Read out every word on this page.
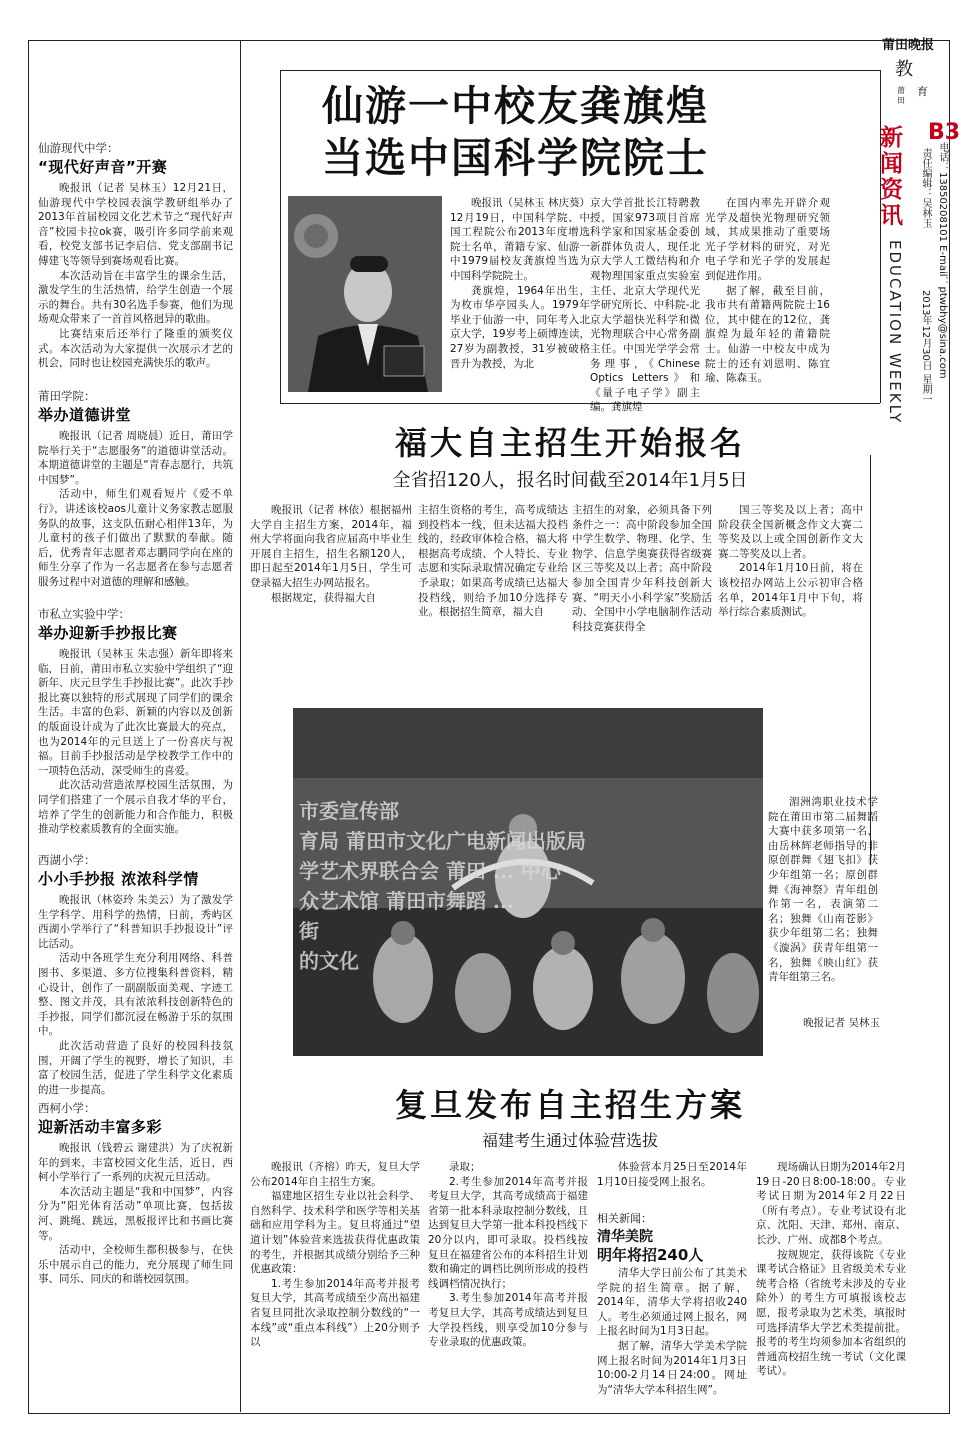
莆田晚报
教
育
莆
田
B3
新闻资讯
EDUCATION WEEKLY	电话：13850208101 E-mail：ptwbhy@sina.com
责任编辑：吴林玉
2013年12月30日 星期一
仙游现代中学：
“现代好声音”开赛
晚报讯（记者 吴林玉）12月21日，仙游现代中学校园表演学教研组举办了2013年首届校园文化艺术节之“现代好声音”校园卡拉ok赛，吸引许多同学前来观看，校党支部书记李启信、党支部副书记傅建飞等领导到赛场观看比赛。
本次活动旨在丰富学生的课余生活，激发学生的生活热情，给学生创造一个展示的舞台。共有30名选手参赛，他们为现场观众带来了一首首风格迥异的歌曲。
比赛结束后还举行了隆重的颁奖仪式。本次活动为大家提供一次展示才艺的机会，同时也让校园充满快乐的歌声。
莆田学院：
举办道德讲堂
晚报讯（记者 周晓晨）近日，莆田学院举行关于“志愿服务”的道德讲堂活动。本期道德讲堂的主题是“青春志愿行，共筑中国梦”。
活动中，师生们观看短片《爱不单行》，讲述该校aos儿童计义务家教志愿服务队的故事，这支队伍耐心相伴13年，为儿童村的孩子们做出了默默的奉献。随后，优秀青年志愿者邓志鹏同学向在座的师生分享了作为一名志愿者在参与志愿者服务过程中对道德的理解和感触。
市私立实验中学：
举办迎新手抄报比赛
晚报讯（吴林玉 朱志强）新年即将来临，日前，莆田市私立实验中学组织了“迎新年、庆元旦学生手抄报比赛”。此次手抄报比赛以独特的形式展现了同学们的课余生活。丰富的色彩、新颖的内容以及创新的版面设计成为了此次比赛最大的亮点，也为2014年的元旦送上了一份喜庆与祝福。目前手抄报活动是学校教学工作中的一项特色活动，深受师生的喜爱。
此次活动营造浓厚校园生活氛围，为同学们搭建了一个展示自我才华的平台，培养了学生的创新能力和合作能力，积极推动学校素质教育的全面实施。
西湖小学：
小小手抄报 浓浓科学情
晚报讯（林姿玲 朱美云）为了激发学生学科学、用科学的热情，日前，秀屿区西湖小学举行了“科普知识手抄报设计”评比活动。
活动中各班学生充分利用网络、科普图书、多渠道、多方位搜集科普资料，精心设计，创作了一副副版面美观、字迹工整、图文并茂，具有浓浓科技创新特色的手抄报，同学们都沉浸在畅游于乐的氛围中。
此次活动营造了良好的校园科技氛围，开阔了学生的视野，增长了知识，丰富了校园生活，促进了学生科学文化素质的进一步提高。
西柯小学：
迎新活动丰富多彩
晚报讯（钱碧云 谢建洪）为了庆祝新年的到来，丰富校园文化生活，近日，西柯小学举行了一系列的庆祝元旦活动。
本次活动主题是“我和中国梦”，内容分为“阳光体育活动”单项比赛，包括拔河、跳绳、跳远，黑板报评比和书画比赛等。
活动中，全校师生都积极参与，在快乐中展示自己的能力，充分展现了师生同事、同乐、同庆的和谐校园氛围。
仙游一中校友龚旗煌
当选中国科学院院士
晚报讯（吴林玉 林庆葵）12月19日，中国科学院、中国工程院公布2013年度增选院士名单，莆籍专家、仙游一中1979届校友龚旗煌当选为中国科学院院士。
龚旗煌，1964年出生，为枚市华亭园头人。1979年毕业于仙游一中，同年考入北京大学，19岁考上硕博连读，27岁为副教授，31岁被破格晋升为教授，为北
京大学首批长江特聘教授，国家973项目首席科学家和国家基金委创新群体负责人，现任北京大学人工微结构和介观物理国家重点实验室主任、北京大学现代光学研究所长、中科院-北京大学超快光科学和微光物理联合中心常务副主任。中国光学学会常务理事，《Chinese Optics Letters》和《量子电子学》副主编。龚旗煌
在国内率先开辟介观光学及超快光物理研究领域，其成果推动了重要场光子学材料的研究，对光电子学和光子学的发展起到促进作用。
据了解，截至目前，我市共有莆籍两院院士16位，其中健在的12位，龚旗煌为最年轻的莆籍院士。仙游一中校友中成为院士的还有刘恩明、陈宜瑜、陈森玉。
福大自主招生开始报名
全省招120人，报名时间截至2014年1月5日
晚报讯（记者 林依）根据福州大学自主招生方案，2014年，福州大学将面向我省应届高中毕业生开展自主招生，招生名额120人，即日起至2014年1月5日，学生可登录福大招生办网站报名。
根据规定，获得福大自
主招生资格的考生，高考成绩达到投档本一线，但未达福大投档线的，经政审体检合格，福大将根据高考成绩、个人特长、专业志愿和实际录取情况确定专业给予录取；如果高考成绩已达福大投档线，则给予加10分选择专业。根据招生简章，福大自
主招生的对象，必须具备下列条件之一：高中阶段参加全国中学生数学、物理、化学、生物学、信息学奥赛获得省级赛区三等奖及以上者；高中阶段参加全国青少年科技创新大赛、“明天小小科学家”奖励活动、全国中小学电脑制作活动科技竞赛获得全
国三等奖及以上者；高中阶段获全国新概念作文大赛二等奖及以上或全国创新作文大赛二等奖及以上者。
2014年1月10日前，将在该校招办网站上公示初审合格名单，2014年1月中下旬，将举行综合素质测试。
市委宣传部
育局 莆田市文化广电新闻出版局
学艺术界联合会 莆田 ... 中心
众艺术馆 莆田市舞蹈 ...
街
的文化
湄洲湾职业技术学院在莆田市第二届舞蹈大赛中获多项第一名，由岳林辉老师指导的非原创群舞《翅飞扣》获少年组第一名；原创群舞《海神祭》青年组创作第一名，表演第二名；独舞《山南苍影》获少年组第二名；独舞《漩涡》获青年组第一名，独舞《映山红》获青年组第三名。
晚报记者 吴林玉
复旦发布自主招生方案
福建考生通过体验营选拔
晚报讯（齐榕）昨天，复旦大学公布2014年自主招生方案。
福建地区招生专业以社会科学、自然科学、技术科学和医学等相关基础和应用学科为主。复旦将通过“望道计划”体验营来选拔获得优惠政策的考生，并根据其成绩分别给予三种优惠政策：
1.考生参加2014年高考并报考复旦大学，其高考成绩至少高出福建省复旦同批次录取控制分数线的“一本线”或“重点本科线”）上20分则予以
录取；
2.考生参加2014年高考并报考复旦大学，其高考成绩高于福建省第一批本科录取控制分数线，且达到复旦大学第一批本科投档线下20分以内，即可录取。投档线按复旦在福建省公布的本科招生计划数和确定的调档比例所形成的投档线调档情况执行；
3.考生参加2014年高考并报考复旦大学，其高考成绩达到复旦大学投档线，则享受加10分参与专业录取的优惠政策。
体验营本月25日至2014年1月10日接受网上报名。
相关新闻：
清华美院
明年将招240人
清华大学日前公布了其美术学院的招生简章。据了解，2014年，清华大学将招收240人。考生必须通过网上报名，网上报名时间为1月3日起。
据了解，清华大学美术学院网上报名时间为2014年1月3日10:00-2月14日24:00。网址为“清华大学本科招生网”。
现场确认日期为2014年2月19日-20日8:00-18:00。专业考试日期为2014年2月22日（所有考点）。专业考试设有北京、沈阳、天津、郑州、南京、长沙、广州、成都8个考点。
按规规定，获得该院《专业课考试合格证》且省级美术专业统考合格（省统考未涉及的专业除外）的考生方可填报该校志愿，报考录取为艺术类，填报时可选择清华大学艺术类提前批。报考的考生均须参加本省组织的普通高校招生统一考试（文化课考试）。
